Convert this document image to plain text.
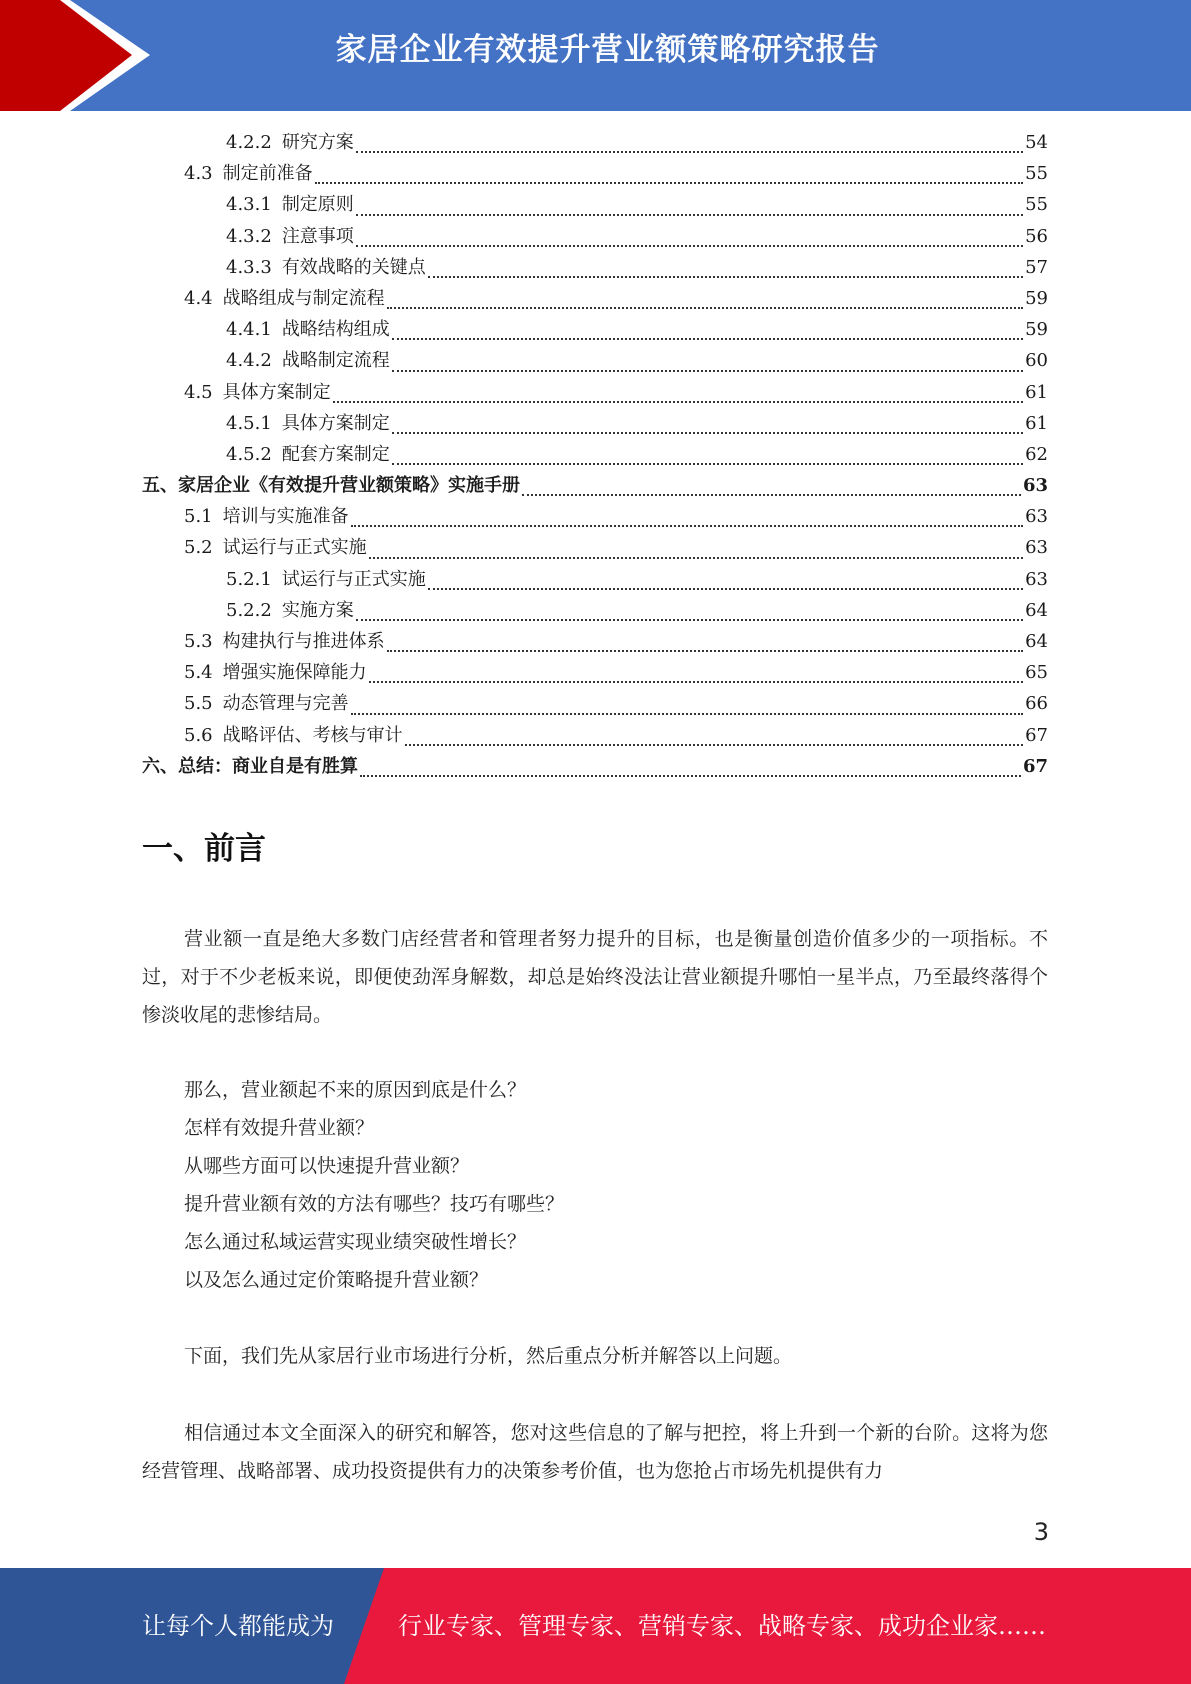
家居企业有效提升营业额策略研究报告
4.2.2 研究方案	54
4.3 制定前准备	55
4.3.1 制定原则	55
4.3.2 注意事项	56
4.3.3 有效战略的关键点	57
4.4 战略组成与制定流程	59
4.4.1 战略结构组成	59
4.4.2 战略制定流程	60
4.5 具体方案制定	61
4.5.1 具体方案制定	61
4.5.2 配套方案制定	62
五、家居企业《有效提升营业额策略》实施手册	63
5.1 培训与实施准备	63
5.2 试运行与正式实施	63
5.2.1 试运行与正式实施	63
5.2.2 实施方案	64
5.3 构建执行与推进体系	64
5.4 增强实施保障能力	65
5.5 动态管理与完善	66
5.6 战略评估、考核与审计	67
六、总结：商业自是有胜算	67
一、前言
营业额一直是绝大多数门店经营者和管理者努力提升的目标，也是衡量创造价值多少的一项指标。不过，对于不少老板来说，即便使劲浑身解数，却总是始终没法让营业额提升哪怕一星半点，乃至最终落得个惨淡收尾的悲惨结局。
那么，营业额起不来的原因到底是什么？
怎样有效提升营业额？
从哪些方面可以快速提升营业额？
提升营业额有效的方法有哪些？技巧有哪些？
怎么通过私域运营实现业绩突破性增长？
以及怎么通过定价策略提升营业额？
下面，我们先从家居行业市场进行分析，然后重点分析并解答以上问题。
相信通过本文全面深入的研究和解答，您对这些信息的了解与把控，将上升到一个新的台阶。这将为您经营管理、战略部署、成功投资提供有力的决策参考价值，也为您抢占市场先机提供有力
3
让每个人都能成为	行业专家、管理专家、营销专家、战略专家、成功企业家……
